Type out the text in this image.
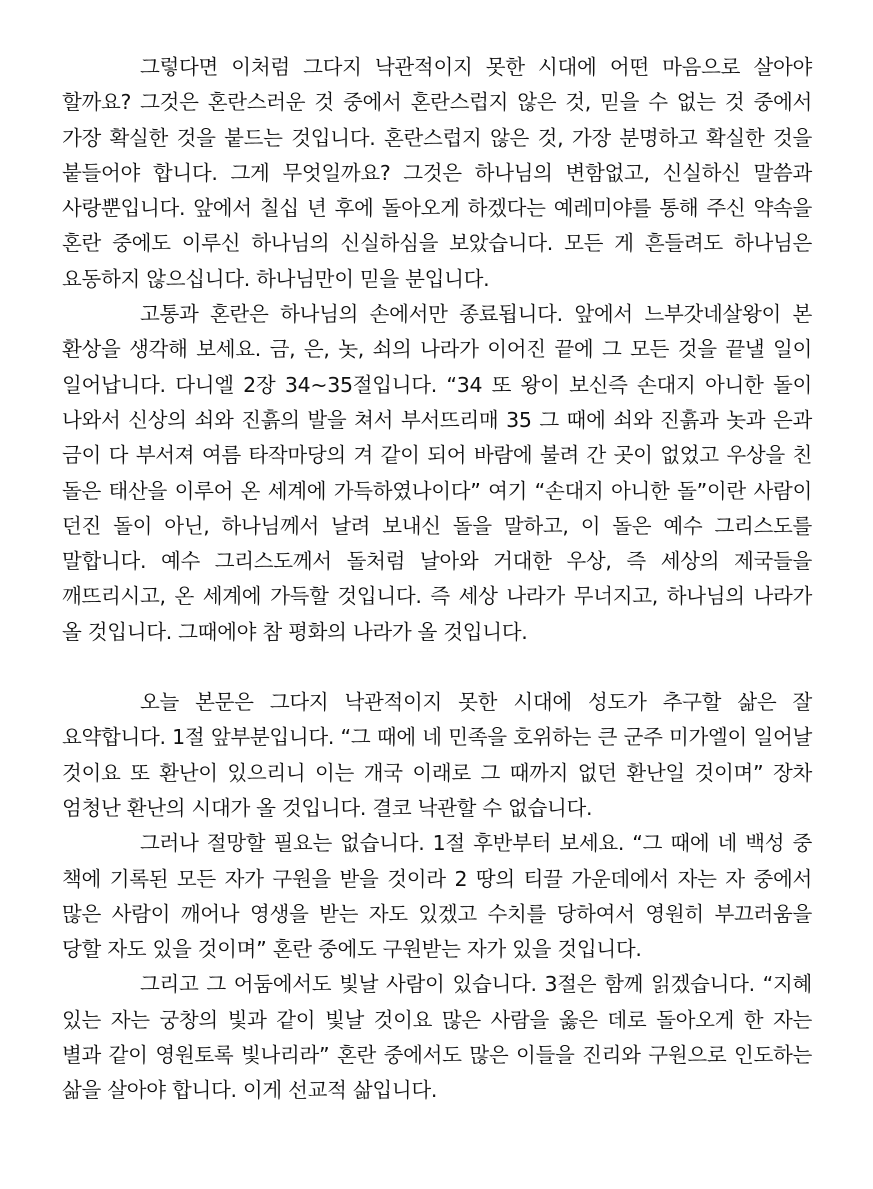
그렇다면 이처럼 그다지 낙관적이지 못한 시대에 어떤 마음으로 살아야 할까요? 그것은 혼란스러운 것 중에서 혼란스럽지 않은 것, 믿을 수 없는 것 중에서 가장 확실한 것을 붙드는 것입니다. 혼란스럽지 않은 것, 가장 분명하고 확실한 것을 붙들어야 합니다. 그게 무엇일까요? 그것은 하나님의 변함없고, 신실하신 말씀과 사랑뿐입니다. 앞에서 칠십 년 후에 돌아오게 하겠다는 예레미야를 통해 주신 약속을 혼란 중에도 이루신 하나님의 신실하심을 보았습니다. 모든 게 흔들려도 하나님은 요동하지 않으십니다. 하나님만이 믿을 분입니다.

고통과 혼란은 하나님의 손에서만 종료됩니다. 앞에서 느부갓네살왕이 본 환상을 생각해 보세요. 금, 은, 놋, 쇠의 나라가 이어진 끝에 그 모든 것을 끝낼 일이 일어납니다. 다니엘 2장 34~35절입니다. “34 또 왕이 보신즉 손대지 아니한 돌이 나와서 신상의 쇠와 진흙의 발을 쳐서 부서뜨리매 35 그 때에 쇠와 진흙과 놋과 은과 금이 다 부서져 여름 타작마당의 겨 같이 되어 바람에 불려 간 곳이 없었고 우상을 친 돌은 태산을 이루어 온 세계에 가득하였나이다” 여기 “손대지 아니한 돌”이란 사람이 던진 돌이 아닌, 하나님께서 날려 보내신 돌을 말하고, 이 돌은 예수 그리스도를 말합니다. 예수 그리스도께서 돌처럼 날아와 거대한 우상, 즉 세상의 제국들을 깨뜨리시고, 온 세계에 가득할 것입니다. 즉 세상 나라가 무너지고, 하나님의 나라가 올 것입니다. 그때에야 참 평화의 나라가 올 것입니다.

오늘 본문은 그다지 낙관적이지 못한 시대에 성도가 추구할 삶은 잘 요약합니다. 1절 앞부분입니다. “그 때에 네 민족을 호위하는 큰 군주 미가엘이 일어날 것이요 또 환난이 있으리니 이는 개국 이래로 그 때까지 없던 환난일 것이며” 장차 엄청난 환난의 시대가 올 것입니다. 결코 낙관할 수 없습니다.

그러나 절망할 필요는 없습니다. 1절 후반부터 보세요. “그 때에 네 백성 중 책에 기록된 모든 자가 구원을 받을 것이라 2 땅의 티끌 가운데에서 자는 자 중에서 많은 사람이 깨어나 영생을 받는 자도 있겠고 수치를 당하여서 영원히 부끄러움을 당할 자도 있을 것이며” 혼란 중에도 구원받는 자가 있을 것입니다.

그리고 그 어둠에서도 빛날 사람이 있습니다. 3절은 함께 읽겠습니다. “지혜 있는 자는 궁창의 빛과 같이 빛날 것이요 많은 사람을 옳은 데로 돌아오게 한 자는 별과 같이 영원토록 빛나리라” 혼란 중에서도 많은 이들을 진리와 구원으로 인도하는 삶을 살아야 합니다. 이게 선교적 삶입니다.
